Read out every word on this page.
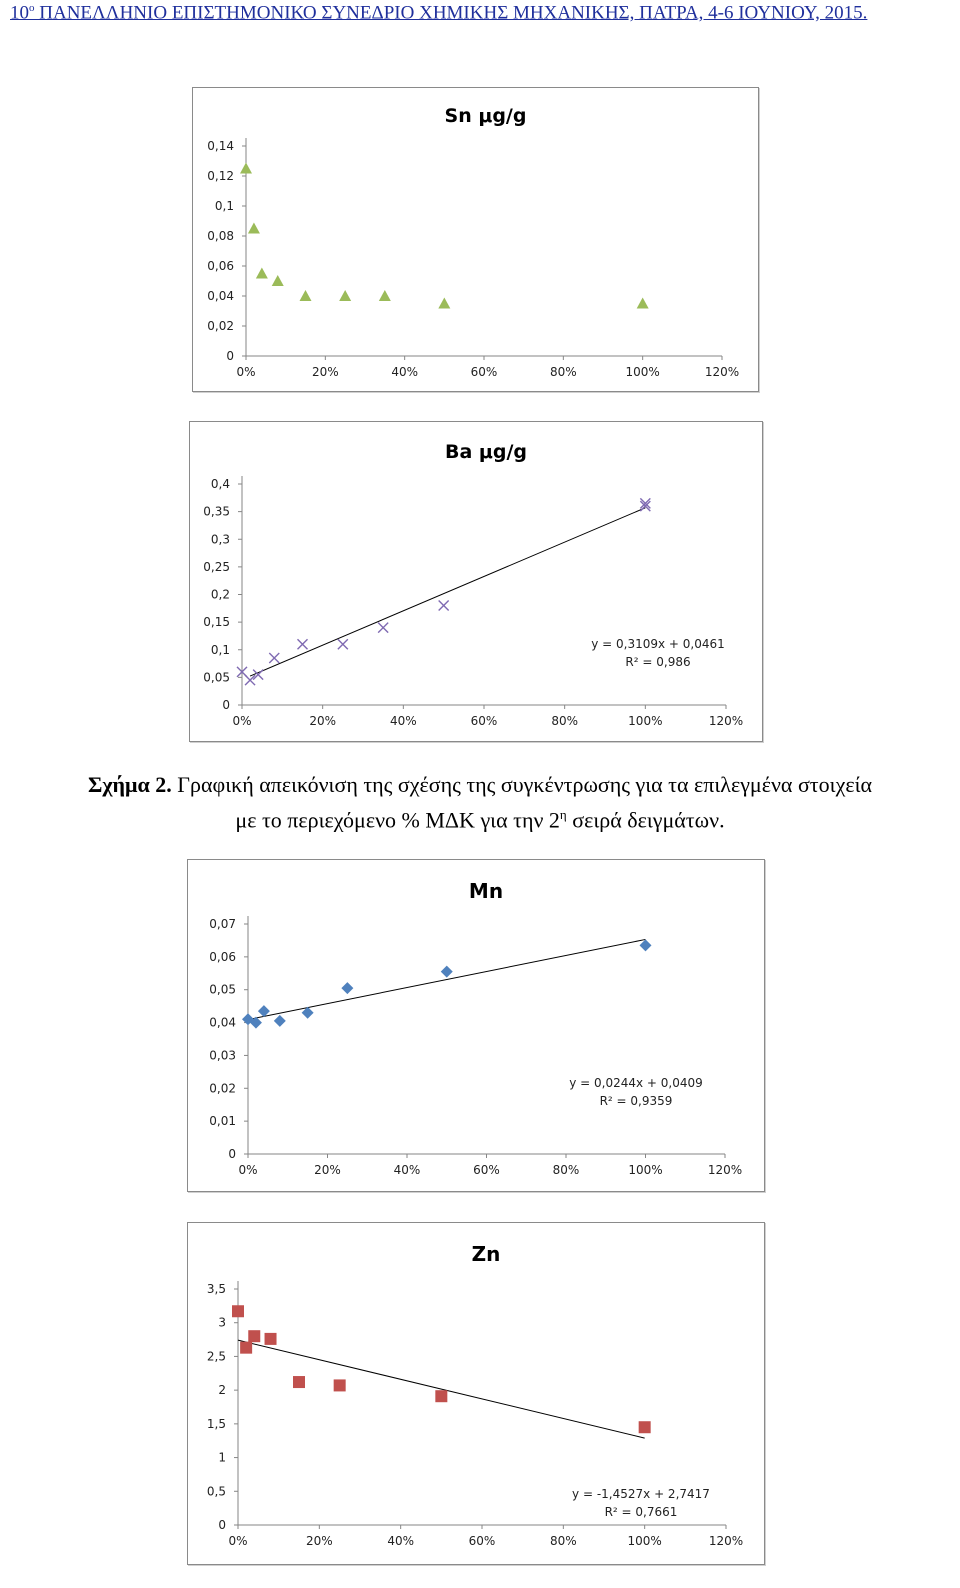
$10^o$ ΠΑΝΕΛΛΗΝΙΟ ΕΠΙΣΤΗΜΟΝΙΚΟ ΣΥΝΕΔΡΙΟ ΧΗΜΙΚΗΣ ΜΗΧΑΝΙΚΗΣ, ΠΑΤΡΑ, 4-6 ΙΟΥΝΙΟΥ, 2015.
Sn μg/g
0
0,02
0,04
0,06
0,08
0,1
0,12
0,14
0%	20%	40%	60%	80%	100%	120%
Ba μg/g
0
0,05
0,1
0,15
0,2
0,25
0,3
0,35
0,4
0%	20%	40%	60%	80%	100%	120%
y = 0,3109x + 0,0461
R² = 0,986
Σχήμα 2. Γραφική απεικόνιση της σχέσης της συγκέντρωσης για τα επιλεγμένα στοιχεία
με το περιεχόμενο % ΜΔΚ για την $2^\eta$ σειρά δειγμάτων.
Mn
0
0,01
0,02
0,03
0,04
0,05
0,06
0,07
0%	20%	40%	60%	80%	100%	120%
y = 0,0244x + 0,0409
R² = 0,9359
Zn
0
0,5
1
1,5
2
2,5
3
3,5
0%	20%	40%	60%	80%	100%	120%
y = -1,4527x + 2,7417
R² = 0,7661
